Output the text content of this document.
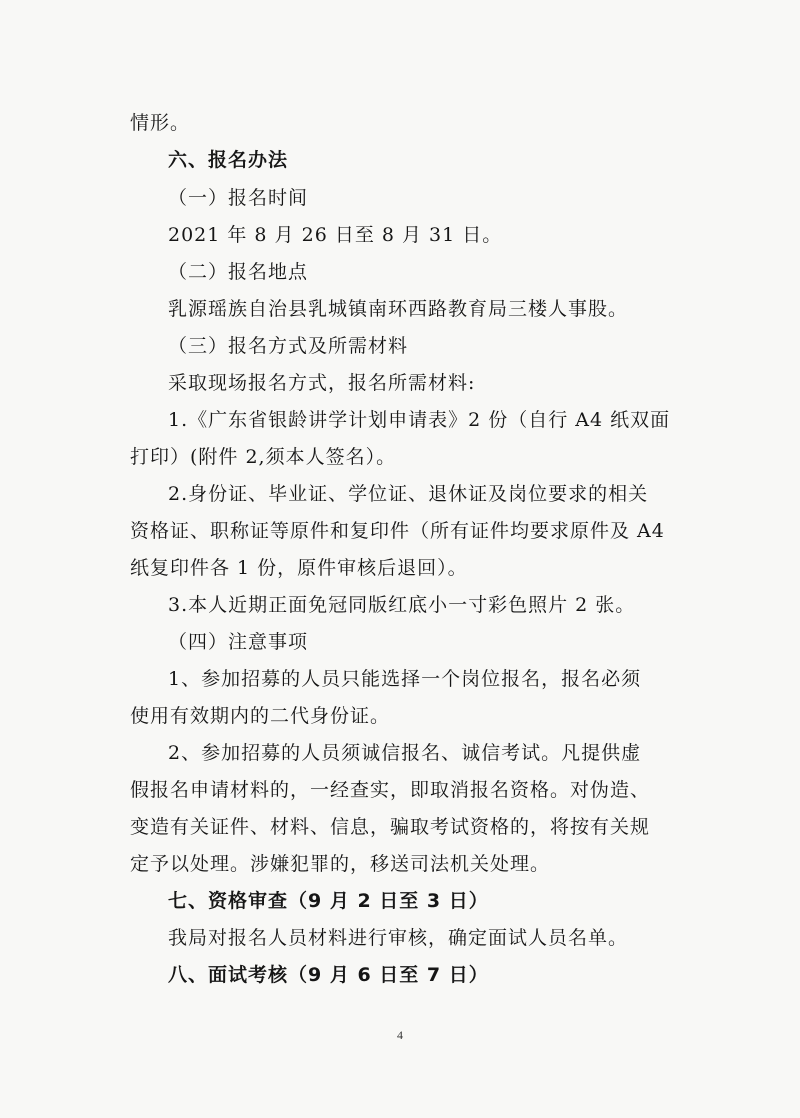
情形。
六、报名办法
（一）报名时间
2021 年 8 月 26 日至 8 月 31 日。
（二）报名地点
乳源瑶族自治县乳城镇南环西路教育局三楼人事股。
（三）报名方式及所需材料
采取现场报名方式，报名所需材料:
1.《广东省银龄讲学计划申请表》2 份（自行 A4 纸双面
打印）(附件 2,须本人签名）。
2.身份证、毕业证、学位证、退休证及岗位要求的相关
资格证、职称证等原件和复印件（所有证件均要求原件及 A4
纸复印件各 1 份，原件审核后退回）。
3.本人近期正面免冠同版红底小一寸彩色照片 2 张。
（四）注意事项
1、参加招募的人员只能选择一个岗位报名，报名必须
使用有效期内的二代身份证。
2、参加招募的人员须诚信报名、诚信考试。凡提供虚
假报名申请材料的，一经查实，即取消报名资格。对伪造、
变造有关证件、材料、信息，骗取考试资格的，将按有关规
定予以处理。涉嫌犯罪的，移送司法机关处理。
七、资格审查（9 月 2 日至 3 日）
我局对报名人员材料进行审核，确定面试人员名单。
八、面试考核（9 月 6 日至 7 日）
4
